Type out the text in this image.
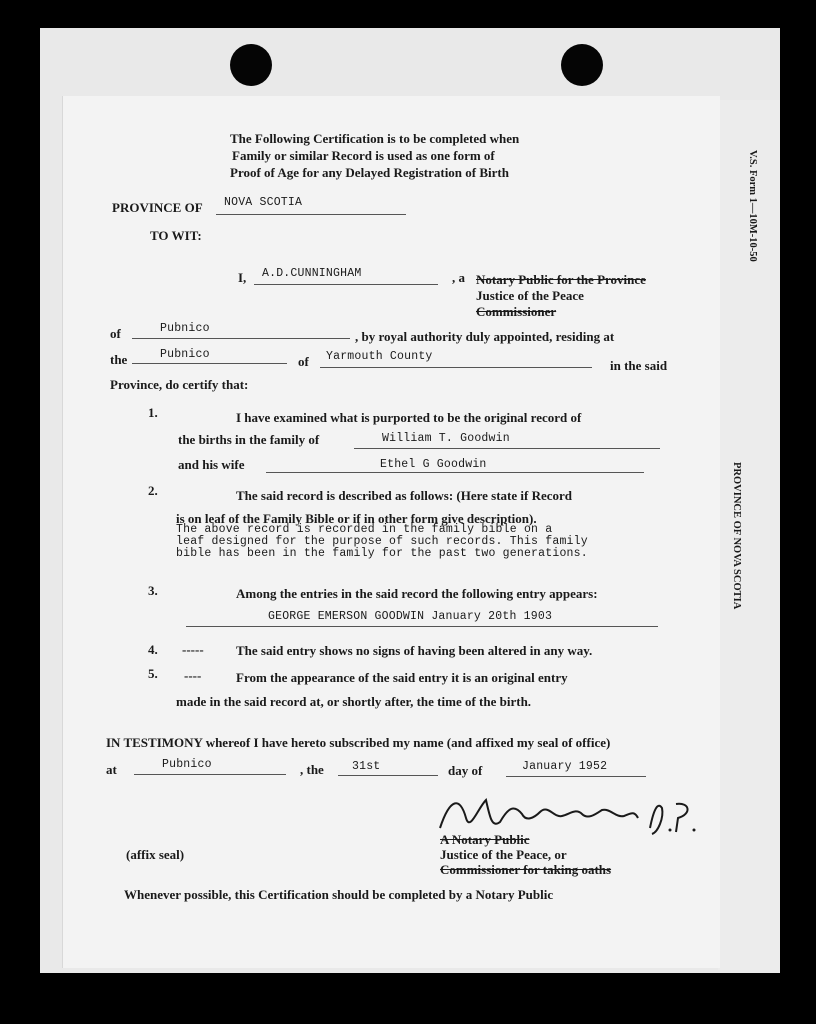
V.S. Form 1—10M-10-50
PROVINCE OF NOVA SCOTIA
The Following Certification is to be completed when
Family or similar Record is used as one form of
Proof of Age for any Delayed Registration of Birth
PROVINCE OF NOVA SCOTIA
TO WIT:
I, A.D.CUNNINGHAM	, a Notary Public for the Province
Justice of the Peace
Commissioner
of	Pubnico
, by royal authority duly appointed, residing at
the	Pubnico	of Yarmouth County
in the said
Province, do certify that:
1.	I have examined what is purported to be the original record of
the births in the family of	William T. Goodwin
and his wife	Ethel G Goodwin
2.	The said record is described as follows: (Here state if Record
is on leaf of the Family Bible or if in other form give description).
The above record is recorded in the family bible on a
leaf designed for the purpose of such records. This family
bible has been in the family for the past two generations.
3.	Among the entries in the said record the following entry appears:
GEORGE EMERSON GOODWIN January 20th 1903
4. ----- The said entry shows no signs of having been altered in any way.
5. ----	From the appearance of the said entry it is an original entry
made in the said record at, or shortly after, the time of the birth.
IN TESTIMONY whereof I have hereto subscribed my name (and affixed my seal of office)
at	Pubnico	, the 31st	day of	January 1952
A Notary Public
Justice of the Peace, or
Commissioner for taking oaths
(affix seal)
Whenever possible, this Certification should be completed by a Notary Public
